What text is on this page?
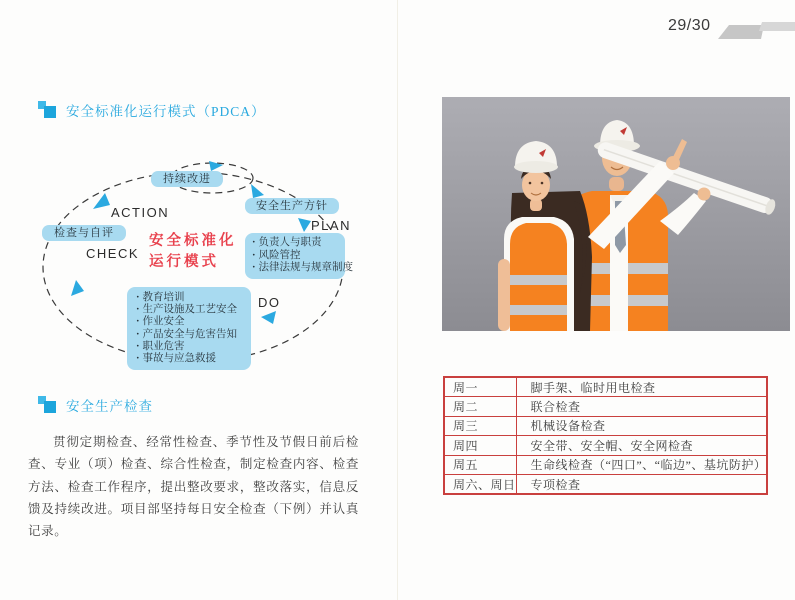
29/30
安全标准化运行模式（PDCA）
持续改进
安全生产方针
检查与自评
ACTION
PLAN
CHECK
DO
安全标准化
运行模式
· 负责人与职责
· 风险管控
· 法律法规与规章制度
· 教育培训
· 生产设施及工艺安全
· 作业安全
· 产品安全与危害告知
· 职业危害
· 事故与应急救援
安全生产检查

贯彻定期检查、经常性检查、季节性及节假日前后检查、专业（项）检查、综合性检查，制定检查内容、检查方法、检查工作程序，提出整改要求，整改落实，信息反馈及持续改进。项目部坚持每日安全检查（下例）并认真记录。

周一	脚手架、临时用电检查
周二	联合检查
周三	机械设备检查
周四	安全带、安全帽、安全网检查
周五	生命线检查（“四口”、“临边”、基坑防护）
周六、周日	专项检查
